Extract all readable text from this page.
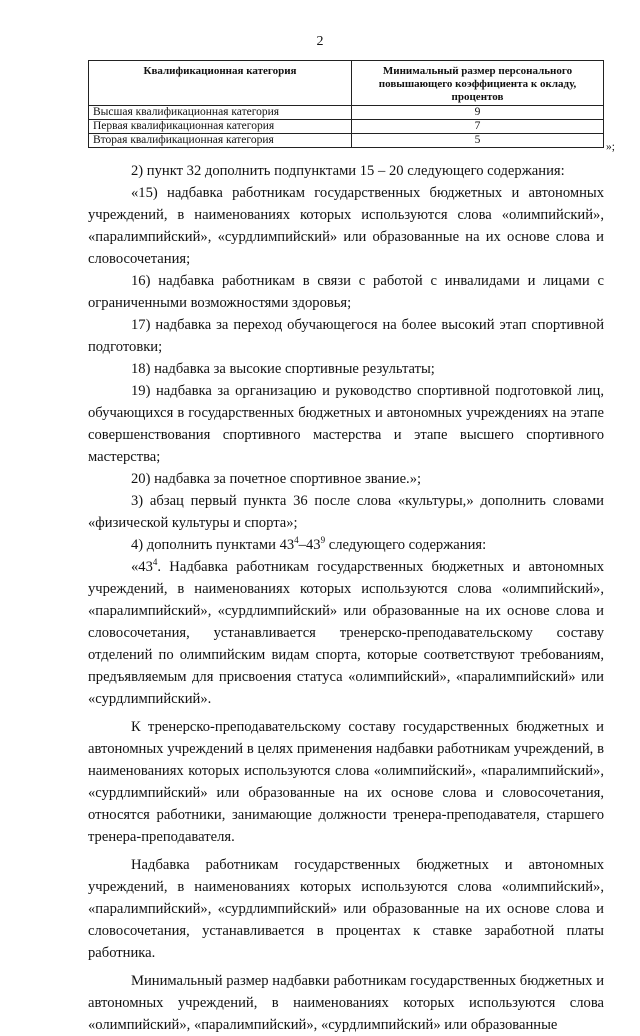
2
Квалификационная категория	Минимальный размер персонального повышающего коэффициента к окладу, процентов
Высшая квалификационная категория	9
Первая квалификационная категория	7
Вторая квалификационная категория	5
»;

2) пункт 32 дополнить подпунктами 15 – 20 следующего содержания:

«15) надбавка работникам государственных бюджетных и автономных учреждений, в наименованиях которых используются слова «олимпийский», «паралимпийский», «сурдлимпийский» или образованные на их основе слова и словосочетания;

16) надбавка работникам в связи с работой с инвалидами и лицами с ограниченными возможностями здоровья;

17) надбавка за переход обучающегося на более высокий этап спортивной подготовки;

18) надбавка за высокие спортивные результаты;

19) надбавка за организацию и руководство спортивной подготовкой лиц, обучающихся в государственных бюджетных и автономных учреждениях на этапе совершенствования спортивного мастерства и этапе высшего спортивного мастерства;

20) надбавка за почетное спортивное звание.»;

3) абзац первый пункта 36 после слова «культуры,» дополнить словами «физической культуры и спорта»;

4) дополнить пунктами $43^4-43^9$ следующего содержания:

«$43^4$. Надбавка работникам государственных бюджетных и автономных учреждений, в наименованиях которых используются слова «олимпийский», «паралимпийский», «сурдлимпийский» или образованные на их основе слова и словосочетания, устанавливается тренерско-преподавательскому составу отделений по олимпийским видам спорта, которые соответствуют требованиям, предъявляемым для присвоения статуса «олимпийский», «паралимпийский» или «сурдлимпийский».

К тренерско-преподавательскому составу государственных бюджетных и автономных учреждений в целях применения надбавки работникам учреждений, в наименованиях которых используются слова «олимпийский», «паралимпийский», «сурдлимпийский» или образованные на их основе слова и словосочетания, относятся работники, занимающие должности тренера-преподавателя, старшего тренера-преподавателя.

Надбавка работникам государственных бюджетных и автономных учреждений, в наименованиях которых используются слова «олимпийский», «паралимпийский», «сурдлимпийский» или образованные на их основе слова и словосочетания, устанавливается в процентах к ставке заработной платы работника.

Минимальный размер надбавки работникам государственных бюджетных и автономных учреждений, в наименованиях которых используются слова «олимпийский», «паралимпийский», «сурдлимпийский» или образованные
